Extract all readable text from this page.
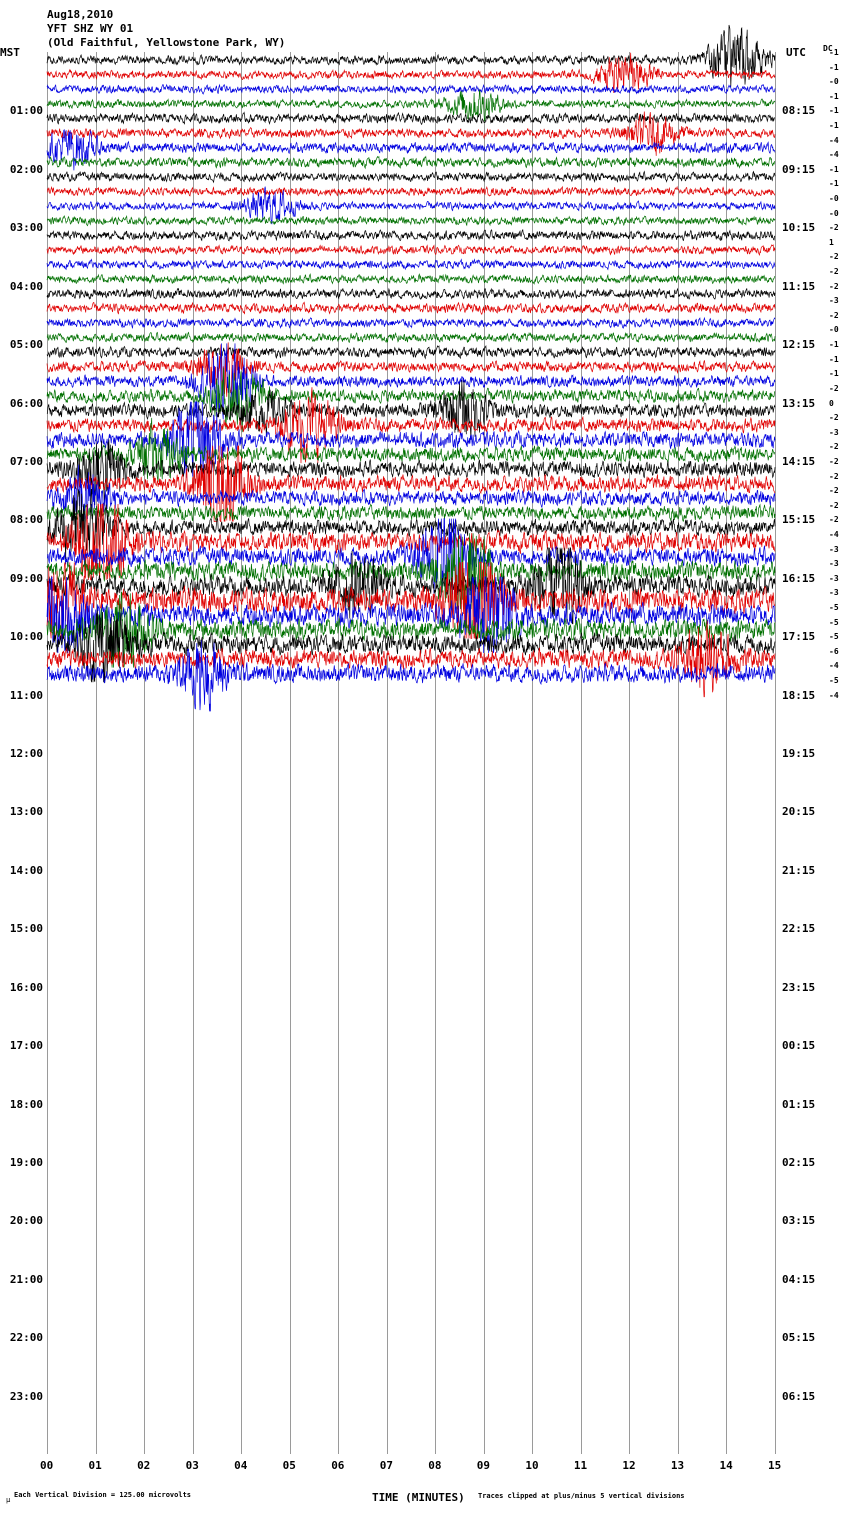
Aug18,2010
YFT SHZ WY 01
(Old Faithful, Yellowstone Park, WY)
MST	UTC DC
TIME (MINUTES)
μ
Each Vertical Division = 125.00 microvolts	Traces clipped at plus/minus 5 vertical divisions
00	01	02	03	04	05	06	07	08	09	10	11	12	13	14	15
01:00	08:15
02:00	09:15
03:00	10:15
04:00	11:15
05:00	12:15
06:00	13:15
07:00	14:15
08:00	15:15
09:00	16:15
10:00	17:15
11:00	18:15
12:00	19:15
13:00	20:15
14:00	21:15
15:00	22:15
16:00	23:15
17:00	00:15
18:00	01:15
19:00	02:15
20:00	03:15
21:00	04:15
22:00	05:15
23:00	06:15
-1
-1
-0
-1
-1
-1
-4
-4
-1
-1
-0
-0
-2
1
-2
-2
-2
-3
-2
-0
-1
-1
-1
-2
0
-2
-3
-2
-2
-2
-2
-2
-2
-4
-3
-3
-3
-3
-5
-5
-5
-6
-4
-5
-4
